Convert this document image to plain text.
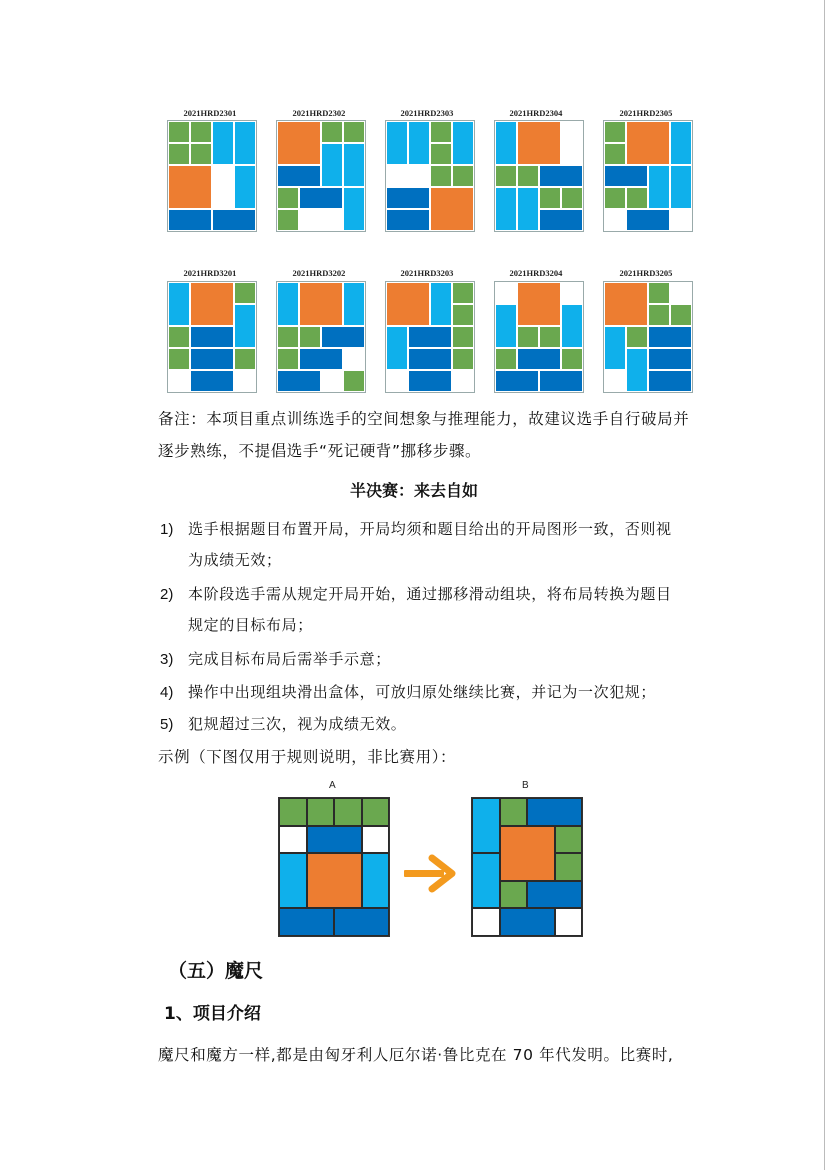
2021HRD2301	2021HRD2302	2021HRD2303	2021HRD2304	2021HRD2305
2021HRD3201	2021HRD3202	2021HRD3203	2021HRD3204	2021HRD3205
备注：本项目重点训练选手的空间想象与推理能力，故建议选手自行破局并
逐步熟练，不提倡选手“死记硬背”挪移步骤。
半决赛：来去自如
1) 选手根据题目布置开局，开局均须和题目给出的开局图形一致，否则视
为成绩无效；
2) 本阶段选手需从规定开局开始，通过挪移滑动组块，将布局转换为题目
规定的目标布局；
3) 完成目标布局后需举手示意；
4) 操作中出现组块滑出盒体，可放归原处继续比赛，并记为一次犯规；
5) 犯规超过三次，视为成绩无效。
示例（下图仅用于规则说明，非比赛用）：
A	B
（五）魔尺
1、项目介绍
魔尺和魔方一样,都是由匈牙利人厄尔诺·鲁比克在 70 年代发明。比赛时,
